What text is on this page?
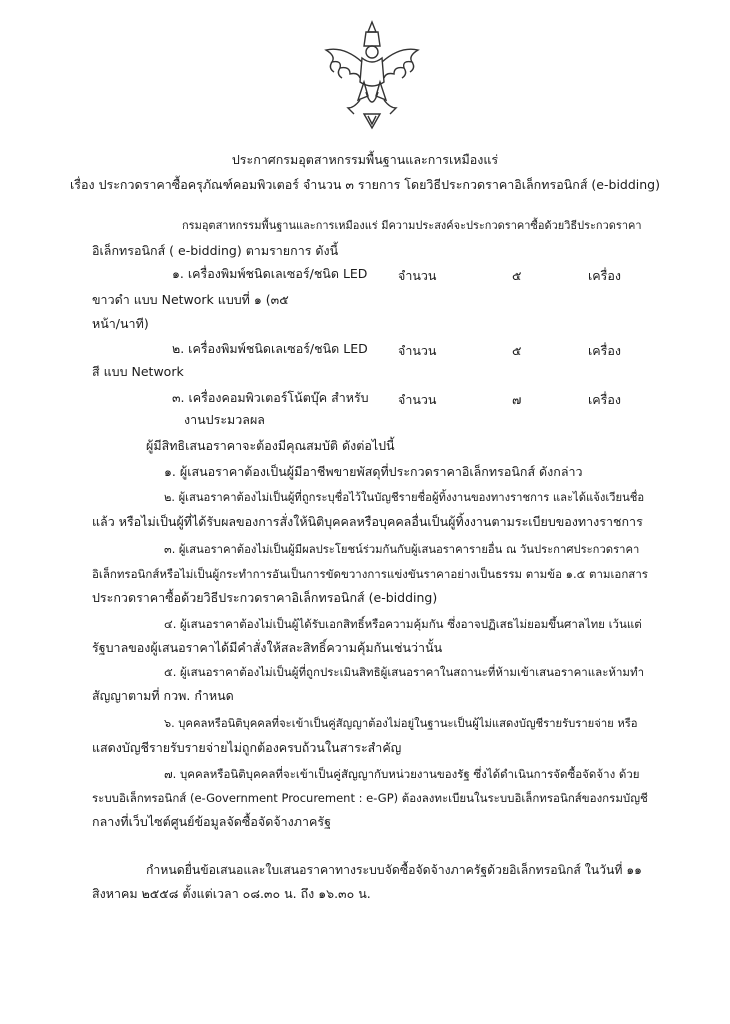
ประกาศกรมอุตสาหกรรมพื้นฐานและการเหมืองแร่
เรื่อง ประกวดราคาซื้อครุภัณฑ์คอมพิวเตอร์ จำนวน ๓ รายการ โดยวิธีประกวดราคาอิเล็กทรอนิกส์ (e-bidding)
กรมอุตสาหกรรมพื้นฐานและการเหมืองแร่ มีความประสงค์จะประกวดราคาซื้อด้วยวิธีประกวดราคา
อิเล็กทรอนิกส์ ( e-bidding) ตามรายการ ดังนี้
๑. เครื่องพิมพ์ชนิดเลเซอร์/ชนิด LED
ขาวดำ แบบ Network แบบที่ ๑ (๓๕
หน้า/นาที)
จำนวน	๕	เครื่อง
๒. เครื่องพิมพ์ชนิดเลเซอร์/ชนิด LED
สี แบบ Network
จำนวน	๕	เครื่อง
๓. เครื่องคอมพิวเตอร์โน้ตบุ๊ค สำหรับ
งานประมวลผล
จำนวน	๗	เครื่อง
ผู้มีสิทธิเสนอราคาจะต้องมีคุณสมบัติ ดังต่อไปนี้
๑. ผู้เสนอราคาต้องเป็นผู้มีอาชีพขายพัสดุที่ประกวดราคาอิเล็กทรอนิกส์ ดังกล่าว
๒. ผู้เสนอราคาต้องไม่เป็นผู้ที่ถูกระบุชื่อไว้ในบัญชีรายชื่อผู้ทิ้งงานของทางราชการ และได้แจ้งเวียนชื่อ
แล้ว หรือไม่เป็นผู้ที่ได้รับผลของการสั่งให้นิติบุคคลหรือบุคคลอื่นเป็นผู้ทิ้งงานตามระเบียบของทางราชการ
๓. ผู้เสนอราคาต้องไม่เป็นผู้มีผลประโยชน์ร่วมกันกับผู้เสนอราคารายอื่น ณ วันประกาศประกวดราคา
อิเล็กทรอนิกส์หรือไม่เป็นผู้กระทำการอันเป็นการขัดขวางการแข่งขันราคาอย่างเป็นธรรม ตามข้อ ๑.๕ ตามเอกสาร
ประกวดราคาซื้อด้วยวิธีประกวดราคาอิเล็กทรอนิกส์ (e-bidding)
๔. ผู้เสนอราคาต้องไม่เป็นผู้ได้รับเอกสิทธิ์หรือความคุ้มกัน ซึ่งอาจปฏิเสธไม่ยอมขึ้นศาลไทย เว้นแต่
รัฐบาลของผู้เสนอราคาได้มีคำสั่งให้สละสิทธิ์ความคุ้มกันเช่นว่านั้น
๕. ผู้เสนอราคาต้องไม่เป็นผู้ที่ถูกประเมินสิทธิผู้เสนอราคาในสถานะที่ห้ามเข้าเสนอราคาและห้ามทำ
สัญญาตามที่ กวพ. กำหนด
๖. บุคคลหรือนิติบุคคลที่จะเข้าเป็นคู่สัญญาต้องไม่อยู่ในฐานะเป็นผู้ไม่แสดงบัญชีรายรับรายจ่าย หรือ
แสดงบัญชีรายรับรายจ่ายไม่ถูกต้องครบถ้วนในสาระสำคัญ
๗. บุคคลหรือนิติบุคคลที่จะเข้าเป็นคู่สัญญากับหน่วยงานของรัฐ ซึ่งได้ดำเนินการจัดซื้อจัดจ้าง ด้วย
ระบบอิเล็กทรอนิกส์ (e-Government Procurement : e-GP) ต้องลงทะเบียนในระบบอิเล็กทรอนิกส์ของกรมบัญชี
กลางที่เว็บไซต์ศูนย์ข้อมูลจัดซื้อจัดจ้างภาครัฐ
กำหนดยื่นข้อเสนอและใบเสนอราคาทางระบบจัดซื้อจัดจ้างภาครัฐด้วยอิเล็กทรอนิกส์ ในวันที่ ๑๑
สิงหาคม ๒๕๕๘ ตั้งแต่เวลา ๐๘.๓๐ น. ถึง ๑๖.๓๐ น.
